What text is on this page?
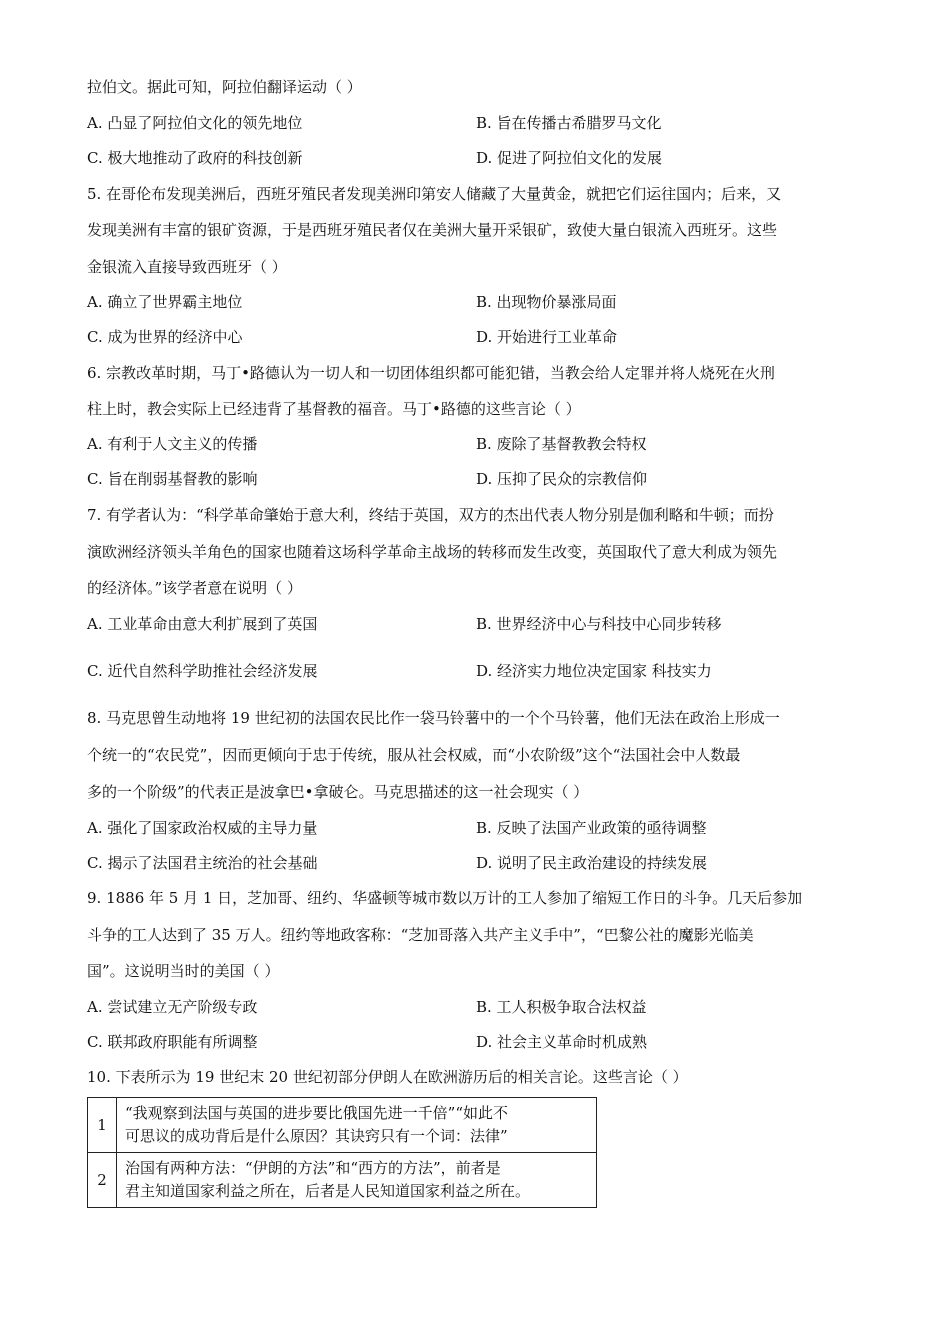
拉伯文。据此可知，阿拉伯翻译运动（ ）
A. 凸显了阿拉伯文化的领先地位	B. 旨在传播古希腊罗马文化
C. 极大地推动了政府的科技创新	D. 促进了阿拉伯文化的发展
5. 在哥伦布发现美洲后，西班牙殖民者发现美洲印第安人储藏了大量黄金，就把它们运往国内；后来，又
发现美洲有丰富的银矿资源，于是西班牙殖民者仅在美洲大量开采银矿，致使大量白银流入西班牙。这些
金银流入直接导致西班牙（ ）
A. 确立了世界霸主地位	B. 出现物价暴涨局面
C. 成为世界的经济中心	D. 开始进行工业革命
6. 宗教改革时期，马丁•路德认为一切人和一切团体组织都可能犯错，当教会给人定罪并将人烧死在火刑
柱上时，教会实际上已经违背了基督教的福音。马丁•路德的这些言论（ ）
A. 有利于人文主义的传播	B. 废除了基督教教会特权
C. 旨在削弱基督教的影响	D. 压抑了民众的宗教信仰
7. 有学者认为：“科学革命肇始于意大利，终结于英国，双方的杰出代表人物分别是伽利略和牛顿；而扮
演欧洲经济领头羊角色的国家也随着这场科学革命主战场的转移而发生改变，英国取代了意大利成为领先
的经济体。”该学者意在说明（ ）
A. 工业革命由意大利扩展到了英国	B. 世界经济中心与科技中心同步转移
C. 近代自然科学助推社会经济发展	D. 经济实力地位决定国家 科技实力
8. 马克思曾生动地将 19 世纪初的法国农民比作一袋马铃薯中的一个个马铃薯，他们无法在政治上形成一
个统一的“农民党”，因而更倾向于忠于传统，服从社会权威，而“小农阶级”这个“法国社会中人数最
多的一个阶级”的代表正是波拿巴•拿破仑。马克思描述的这一社会现实（ ）
A. 强化了国家政治权威的主导力量	B. 反映了法国产业政策的亟待调整
C. 揭示了法国君主统治的社会基础	D. 说明了民主政治建设的持续发展
9. 1886 年 5 月 1 日，芝加哥、纽约、华盛顿等城市数以万计的工人参加了缩短工作日的斗争。几天后参加
斗争的工人达到了 35 万人。纽约等地政客称：“芝加哥落入共产主义手中”，“巴黎公社的魔影光临美
国”。这说明当时的美国（ ）
A. 尝试建立无产阶级专政	B. 工人积极争取合法权益
C. 联邦政府职能有所调整	D. 社会主义革命时机成熟
10. 下表所示为 19 世纪末 20 世纪初部分伊朗人在欧洲游历后的相关言论。这些言论（ ）
1	“我观察到法国与英国的进步要比俄国先进一千倍”“如此不
可思议的成功背后是什么原因？其诀窍只有一个词：法律”

2	治国有两种方法：“伊朗的方法”和“西方的方法”，前者是
君主知道国家利益之所在，后者是人民知道国家利益之所在。
